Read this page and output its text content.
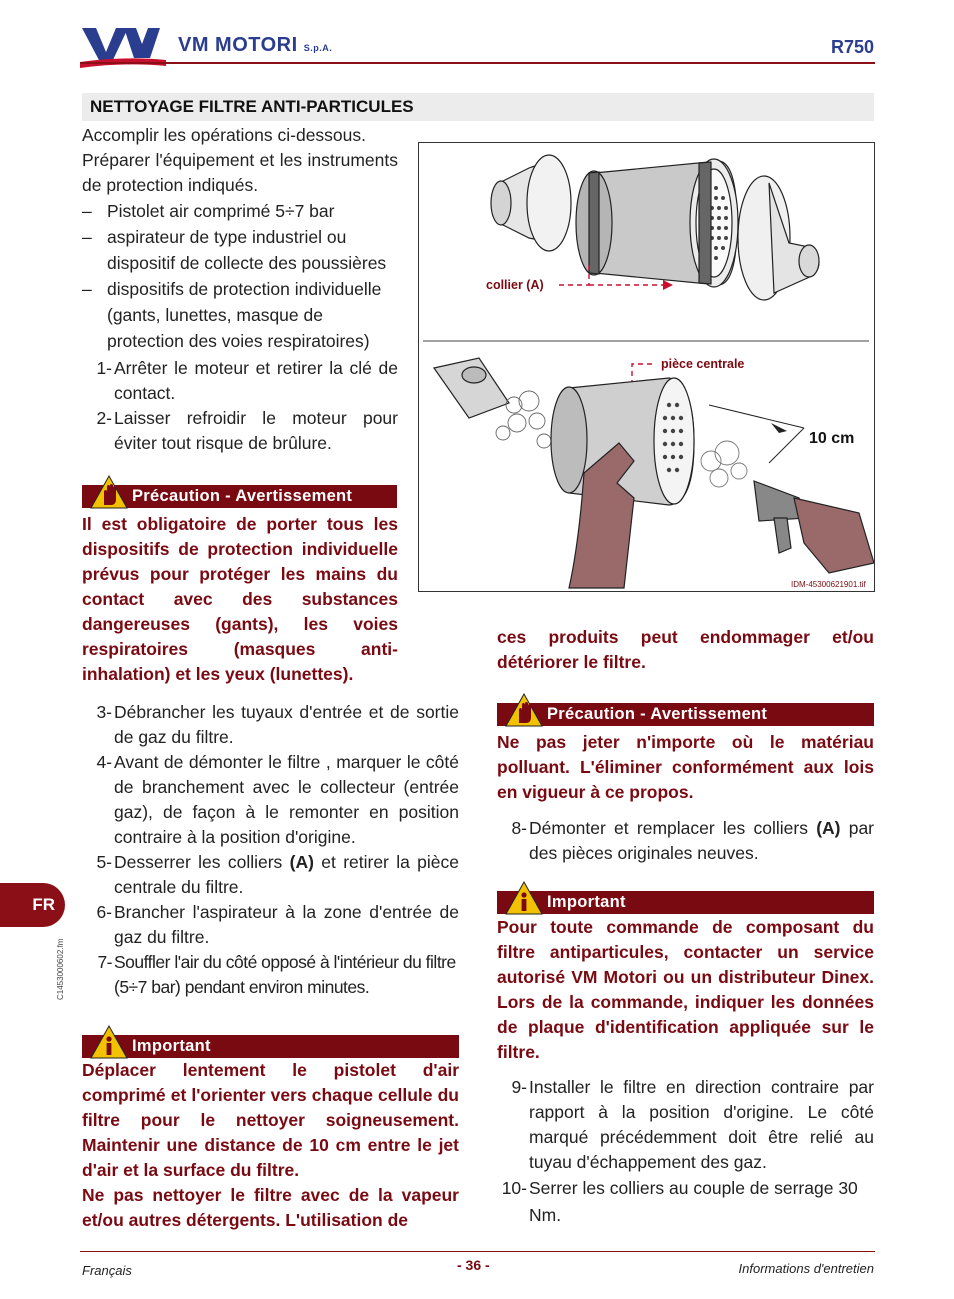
VM MOTORI S.p.A.	R750
NETTOYAGE FILTRE ANTI-PARTICULES
Accomplir les opérations ci-dessous.
Préparer l'équipement et les instruments de protection indiqués.
– Pistolet air comprimé 5÷7 bar
– aspirateur de type industriel ou dispositif de collecte des poussières
– dispositifs de protection individuelle (gants, lunettes, masque de protection des voies respiratoires)
1- Arrêter le moteur et retirer la clé de contact.
2- Laisser refroidir le moteur pour éviter tout risque de brûlure.
Précaution - Avertissement
Il est obligatoire de porter tous les dispositifs de protection individuelle prévus pour protéger les mains du contact avec des substances dangereuses (gants), les voies respiratoires (masques anti-inhalation) et les yeux (lunettes).
collier (A)
pièce centrale
10 cm
IDM-45300621901.tif
3- Débrancher les tuyaux d'entrée et de sortie de gaz du filtre.
4- Avant de démonter le filtre , marquer le côté de branchement avec le collecteur (entrée gaz), de façon à le remonter en position contraire à la position d'origine.
5- Desserrer les colliers (A) et retirer la pièce centrale du filtre.
6- Brancher l'aspirateur à la zone d'entrée de gaz du filtre.
7- Souffler l'air du côté opposé à l'intérieur du filtre (5÷7 bar) pendant environ minutes.
Important
Déplacer lentement le pistolet d'air comprimé et l'orienter vers chaque cellule du filtre pour le nettoyer soigneusement. Maintenir une distance de 10 cm entre le jet d'air et la surface du filtre.
Ne pas nettoyer le filtre avec de la vapeur et/ou autres détergents. L'utilisation de
ces produits peut endommager et/ou détériorer le filtre.
Précaution - Avertissement
Ne pas jeter n'importe où le matériau polluant. L'éliminer conformément aux lois en vigueur à ce propos.
8- Démonter et remplacer les colliers (A) par des pièces originales neuves.
Important
Pour toute commande de composant du filtre antiparticules, contacter un service autorisé VM Motori ou un distributeur Dinex. Lors de la commande, indiquer les données de plaque d'identification appliquée sur le filtre.
9- Installer le filtre en direction contraire par rapport à la position d'origine. Le côté marqué précédemment doit être relié au tuyau d'échappement des gaz.
10- Serrer les colliers au couple de serrage 30 Nm.
FR
C1453000602.fm
Français	- 36 -	Informations d'entretien
